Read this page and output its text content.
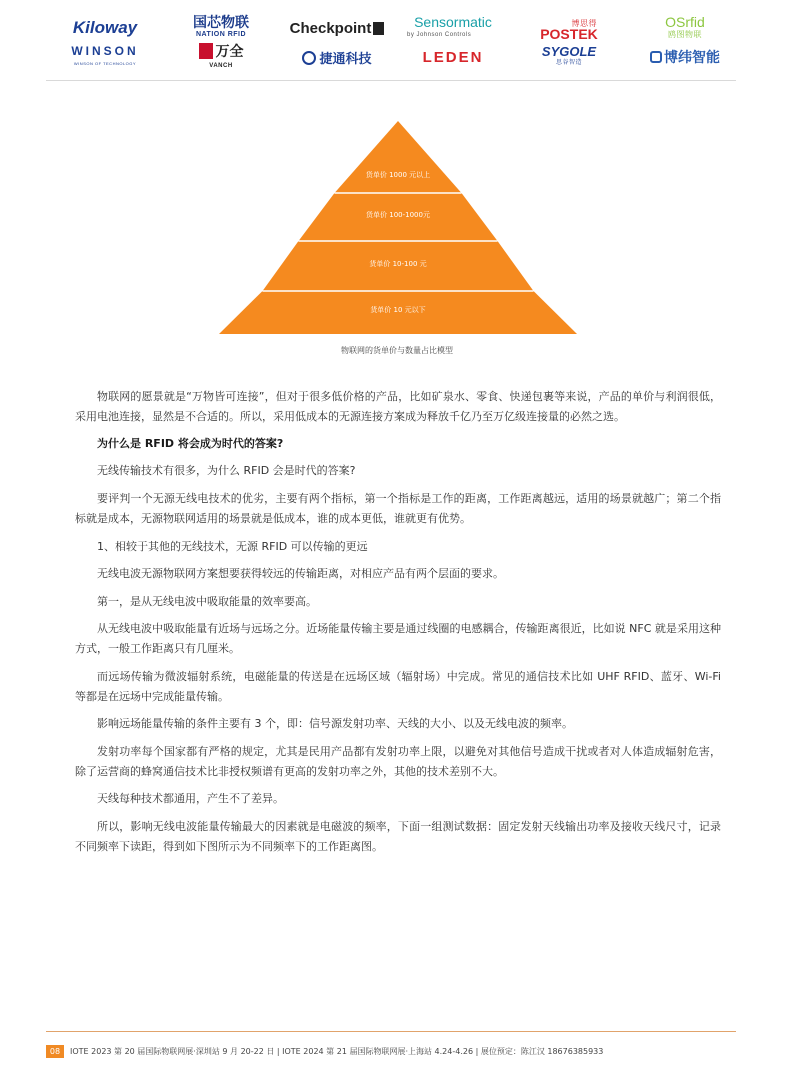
Kiloway	国芯物联
NATION RFID	Checkpoint	Sensormatic
by Johnson Controls
博思得
POSTEK
OSrfid
鸥图物联
WINSON
WINSON OF TECHNOLOGY
万全
VANCH	捷通科技	LEDEN	SYGOLE
思谷智造	博纬智能
货单价 1000 元以上
货单价 100-1000元
货单价 10-100 元
货单价 10 元以下
物联网的货单价与数量占比模型

物联网的愿景就是“万物皆可连接”，但对于很多低价格的产品，比如矿泉水、零食、快递包裹等来说，产品的单价与利润很低，采用电池连接，显然是不合适的。所以，采用低成本的无源连接方案成为释放千亿乃至万亿级连接量的必然之选。

为什么是 RFID 将会成为时代的答案?

无线传输技术有很多，为什么 RFID 会是时代的答案?

要评判一个无源无线电技术的优劣，主要有两个指标，第一个指标是工作的距离，工作距离越远，适用的场景就越广；第二个指标就是成本，无源物联网适用的场景就是低成本，谁的成本更低，谁就更有优势。

1、相较于其他的无线技术，无源 RFID 可以传输的更远

无线电波无源物联网方案想要获得较远的传输距离，对相应产品有两个层面的要求。

第一，是从无线电波中吸取能量的效率要高。

从无线电波中吸取能量有近场与远场之分。近场能量传输主要是通过线圈的电感耦合，传输距离很近，比如说 NFC 就是采用这种方式，一般工作距离只有几厘米。

而远场传输为微波辐射系统，电磁能量的传送是在远场区域（辐射场）中完成。常见的通信技术比如 UHF RFID、蓝牙、Wi-Fi 等都是在远场中完成能量传输。

影响远场能量传输的条件主要有 3 个，即：信号源发射功率、天线的大小、以及无线电波的频率。

发射功率每个国家都有严格的规定，尤其是民用产品都有发射功率上限，以避免对其他信号造成干扰或者对人体造成辐射危害，除了运营商的蜂窝通信技术比非授权频谱有更高的发射功率之外，其他的技术差别不大。

天线每种技术都通用，产生不了差异。

所以，影响无线电波能量传输最大的因素就是电磁波的频率，下面一组测试数据：固定发射天线输出功率及接收天线尺寸，记录不同频率下读距，得到如下图所示为不同频率下的工作距离图。

08	IOTE 2023 第 20 届国际物联网展·深圳站 9 月 20-22 日 | IOTE 2024 第 21 届国际物联网展·上海站 4.24-4.26 | 展位预定：陈江汉 18676385933
